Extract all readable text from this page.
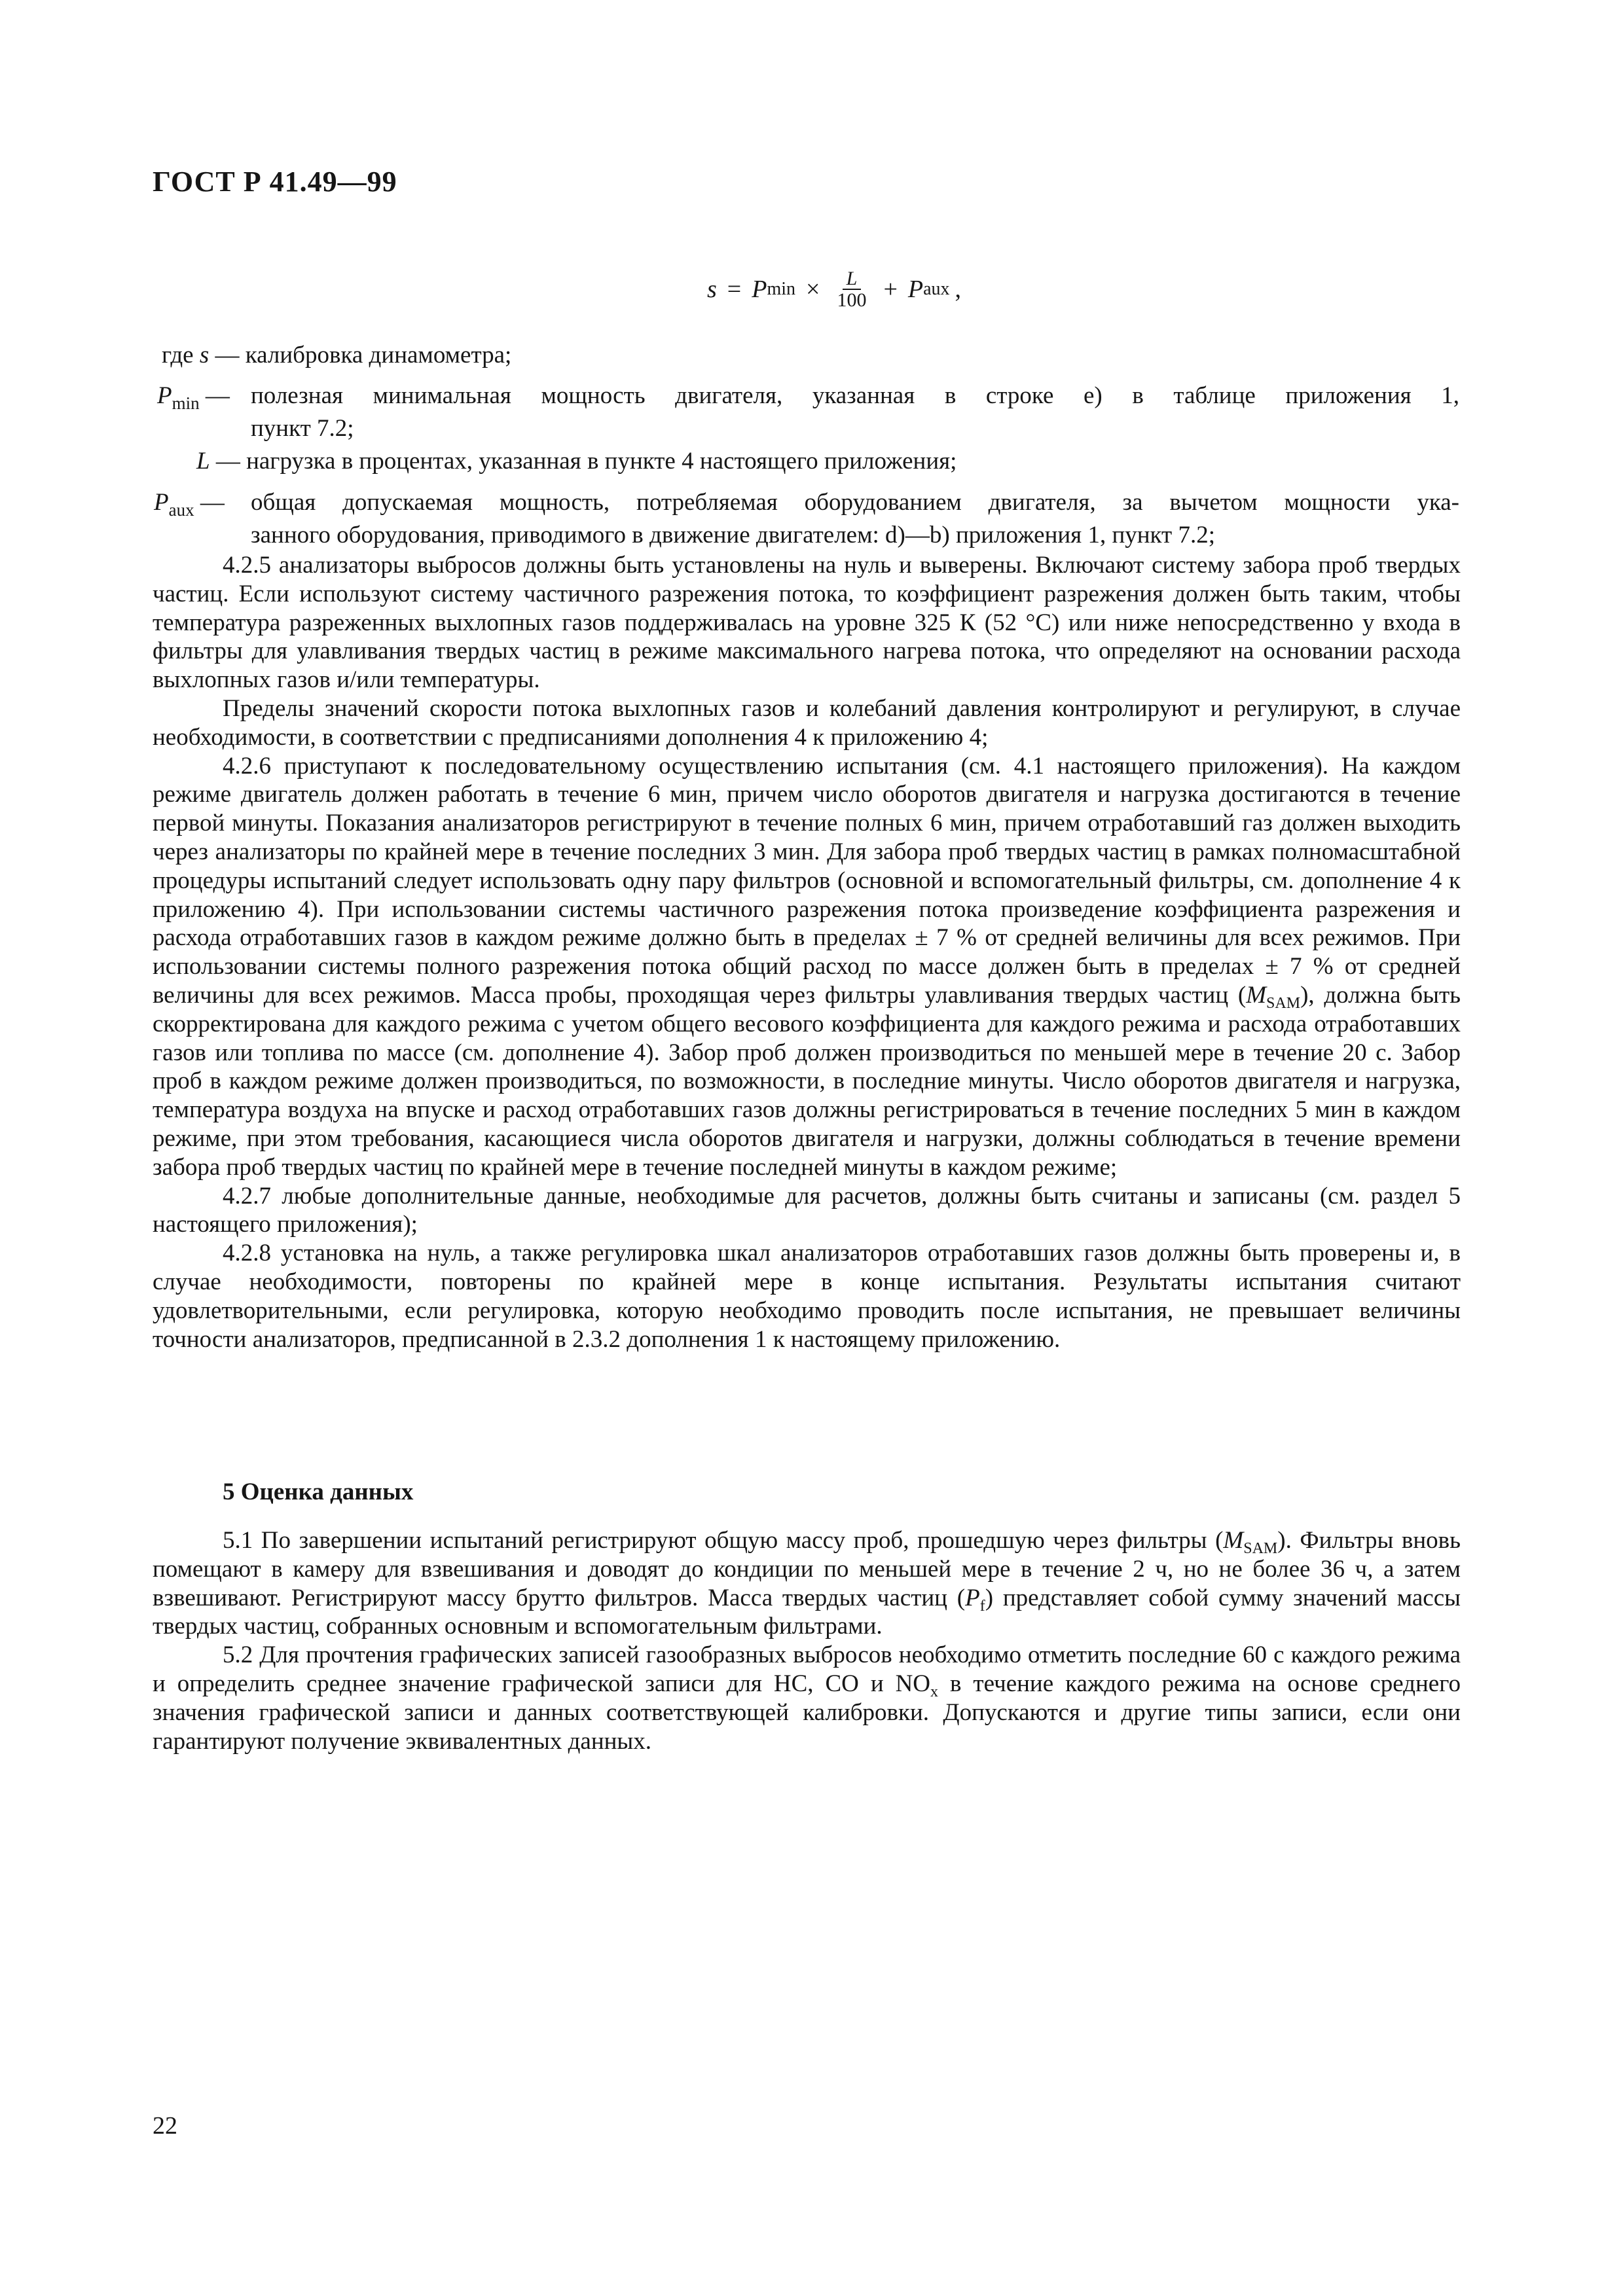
ГОСТ Р 41.49—99
s = P $\min \times \frac{L}{100} + P$ aux ,
где s — калибровка динамометра;
$P_{min}$ — полезная минимальная мощность двигателя, указанная в строке е) в таблице приложения 1,
пункт 7.2;
L — нагрузка в процентах, указанная в пункте 4 настоящего приложения;
$P_{aux}$ — общая допускаемая мощность, потребляемая оборудованием двигателя, за вычетом мощности ука-
занного оборудования, приводимого в движение двигателем: d)—b) приложения 1, пункт 7.2;

4.2.5 анализаторы выбросов должны быть установлены на нуль и выверены. Включают систему забора проб твердых частиц. Если используют систему частичного разрежения потока, то коэффициент разрежения должен быть таким, чтобы температура разреженных выхлопных газов поддерживалась на уровне 325 К (52 °С) или ниже непосредственно у входа в фильтры для улавливания твердых частиц в режиме максимального нагрева потока, что определяют на основании расхода выхлопных газов и/или температуры.

Пределы значений скорости потока выхлопных газов и колебаний давления контролируют и регулируют, в случае необходимости, в соответствии с предписаниями дополнения 4 к приложению 4;

4.2.6 приступают к последовательному осуществлению испытания (см. 4.1 настоящего приложения). На каждом режиме двигатель должен работать в течение 6 мин, причем число оборотов двигателя и нагрузка достигаются в течение первой минуты. Показания анализаторов регистрируют в течение полных 6 мин, причем отработавший газ должен выходить через анализаторы по крайней мере в течение последних 3 мин. Для забора проб твердых частиц в рамках полномасштабной процедуры испытаний следует использовать одну пару фильтров (основной и вспомогательный фильтры, см. дополнение 4 к приложению 4). При использовании системы частичного разрежения потока произведение коэффициента разрежения и расхода отработавших газов в каждом режиме должно быть в пределах ± 7 % от средней величины для всех режимов. При использовании системы полного разрежения потока общий расход по массе должен быть в пределах ± 7 % от средней величины для всех режимов. Масса пробы, проходящая через фильтры улавливания твердых частиц $(M_{SAM})$, должна быть скорректирована для каждого режима с учетом общего весового коэффициента для каждого режима и расхода отработавших газов или топлива по массе (см. дополнение 4). Забор проб должен производиться по меньшей мере в течение 20 с. Забор проб в каждом режиме должен производиться, по возможности, в последние минуты. Число оборотов двигателя и нагрузка, температура воздуха на впуске и расход отработавших газов должны регистрироваться в течение последних 5 мин в каждом режиме, при этом требования, касающиеся числа оборотов двигателя и нагрузки, должны соблюдаться в течение времени забора проб твердых частиц по крайней мере в течение последней минуты в каждом режиме;

4.2.7 любые дополнительные данные, необходимые для расчетов, должны быть считаны и записаны (см. раздел 5 настоящего приложения);

4.2.8 установка на нуль, а также регулировка шкал анализаторов отработавших газов должны быть проверены и, в случае необходимости, повторены по крайней мере в конце испытания. Результаты испытания считают удовлетворительными, если регулировка, которую необходимо проводить после испытания, не превышает величины точности анализаторов, предписанной в 2.3.2 дополнения 1 к настоящему приложению.

5 Оценка данных

5.1 По завершении испытаний регистрируют общую массу проб, прошедшую через фильтры $(M_{SAM})$. Фильтры вновь помещают в камеру для взвешивания и доводят до кондиции по меньшей мере в течение 2 ч, но не более 36 ч, а затем взвешивают. Регистрируют массу брутто фильтров. Масса твердых частиц $(P_f)$ представляет собой сумму значений массы твердых частиц, собранных основным и вспомогательным фильтрами.

5.2 Для прочтения графических записей газообразных выбросов необходимо отметить последние 60 с каждого режима и определить среднее значение графической записи для НС, СО и $NO_x$ в течение каждого режима на основе среднего значения графической записи и данных соответствующей калибровки. Допускаются и другие типы записи, если они гарантируют получение эквивалентных данных.

22
